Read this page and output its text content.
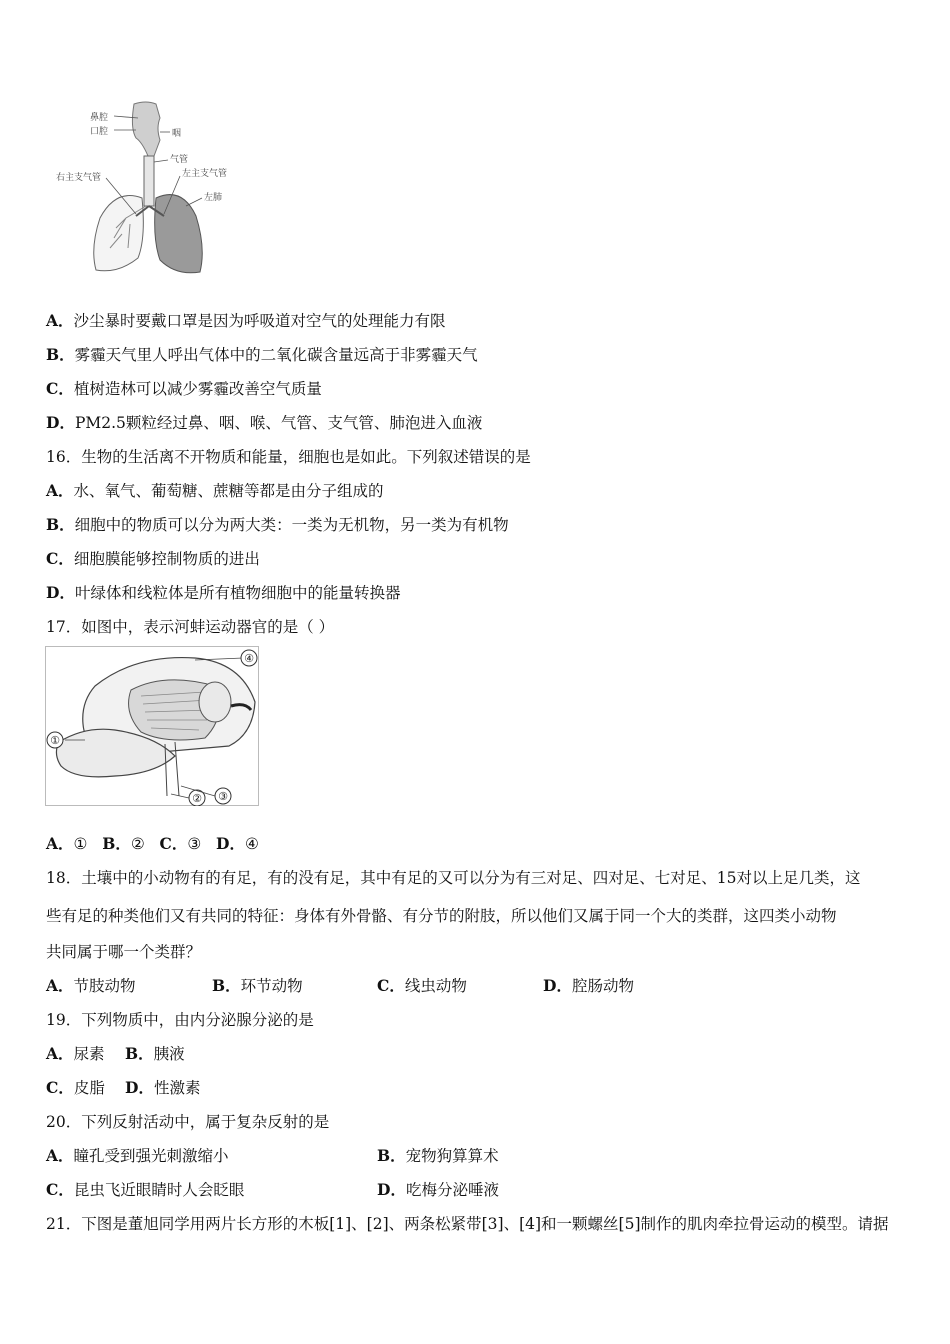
鼻腔
口腔	咽
气管
右主支气管	左主支气管
左肺
A．沙尘暴时要戴口罩是因为呼吸道对空气的处理能力有限
B．雾霾天气里人呼出气体中的二氧化碳含量远高于非雾霾天气
C．植树造林可以减少雾霾改善空气质量
D．PM2.5颗粒经过鼻、咽、喉、气管、支气管、肺泡进入血液
16．生物的生活离不开物质和能量，细胞也是如此。下列叙述错误的是
A．水、氧气、葡萄糖、蔗糖等都是由分子组成的
B．细胞中的物质可以分为两大类：一类为无机物，另一类为有机物
C．细胞膜能够控制物质的进出
D．叶绿体和线粒体是所有植物细胞中的能量转换器
17．如图中，表示河蚌运动器官的是（ ）
①
② ③
④
A．① B．② C．③ D．④
18．土壤中的小动物有的有足，有的没有足，其中有足的又可以分为有三对足、四对足、七对足、15对以上足几类，这
些有足的种类他们又有共同的特征：身体有外骨骼、有分节的附肢，所以他们又属于同一个大的类群，这四类小动物
共同属于哪一个类群？
A．节肢动物	B．环节动物	C．线虫动物	D．腔肠动物
19．下列物质中，由内分泌腺分泌的是
A．尿素 B．胰液
C．皮脂 D．性激素
20．下列反射活动中，属于复杂反射的是
A．瞳孔受到强光刺激缩小	B．宠物狗算算术
C．昆虫飞近眼睛时人会眨眼	D．吃梅分泌唾液
21．下图是董旭同学用两片长方形的木板[1]、[2]、两条松紧带[3]、[4]和一颗螺丝[5]制作的肌肉牵拉骨运动的模型。请据
